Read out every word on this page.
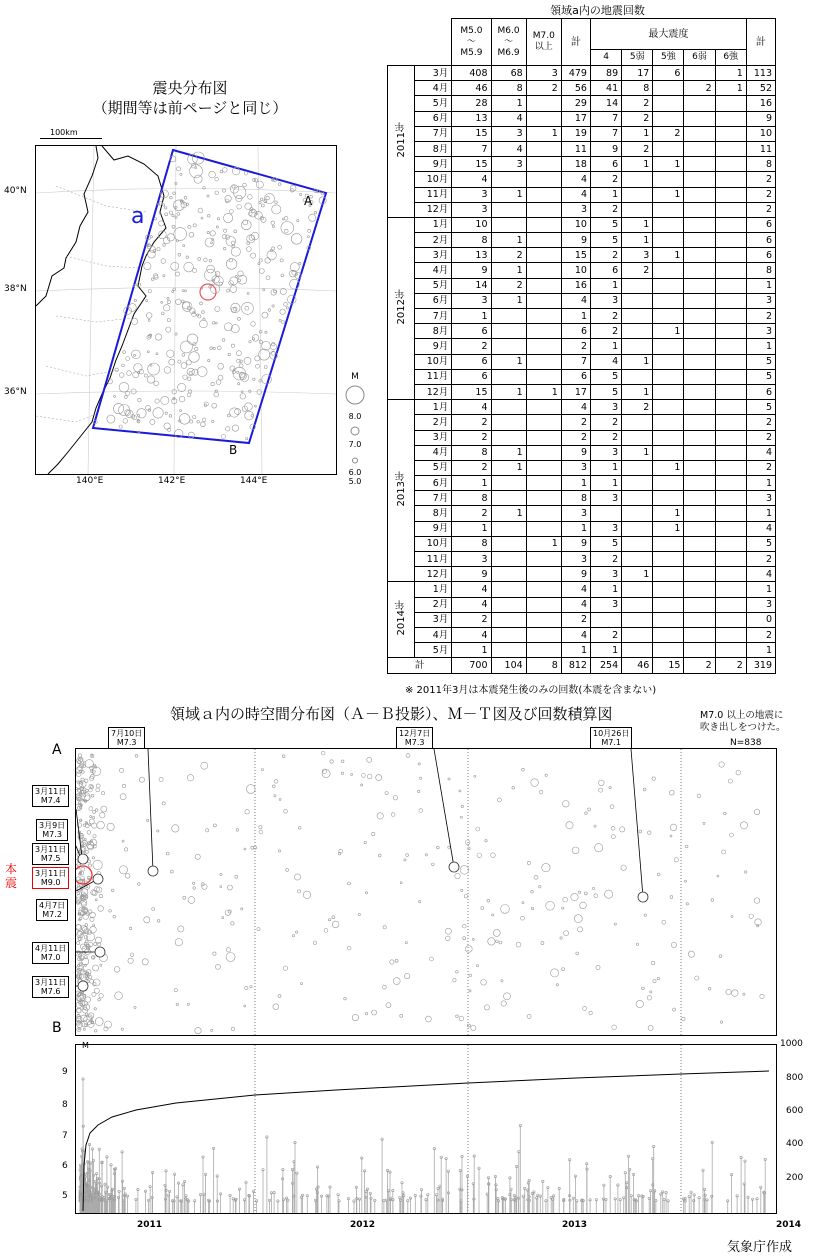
震央分布図
（期間等は前ページと同じ）
100km
a
A
B
40°N
38°N
36°N
140°E	142°E	144°E
M
8.0
7.0
6.0
5.0
領域a内の地震回数
		M5.0
～
M5.9	M6.0
～
M6.9	M7.0
以上	計	最大震度					計
						4	5弱	5強	6弱	6強	
2011年	3月	408	68	3	479	89	17	6		1	113
	4月	46	8	2	56	41	8		2	1	52
	5月	28	1		29	14	2				16
	6月	13	4		17	7	2				9
	7月	15	3	1	19	7	1	2			10
	8月	7	4		11	9	2				11
	9月	15	3		18	6	1	1			8
	10月	4			4	2					2
	11月	3	1		4	1		1			2
	12月	3			3	2					2
2012年	1月	10			10	5	1				6
	2月	8	1		9	5	1				6
	3月	13	2		15	2	3	1			6
	4月	9	1		10	6	2				8
	5月	14	2		16	1					1
	6月	3	1		4	3					3
	7月	1			1	2					2
	8月	6			6	2		1			3
	9月	2			2	1					1
	10月	6	1		7	4	1				5
	11月	6			6	5					5
	12月	15	1	1	17	5	1				6
2013年	1月	4			4	3	2				5
	2月	2			2	2					2
	3月	2			2	2					2
	4月	8	1		9	3	1				4
	5月	2	1		3	1		1			2
	6月	1			1	1					1
	7月	8			8	3					3
	8月	2	1		3			1			1
	9月	1			1	3		1			4
	10月	8		1	9	5					5
	11月	3			3	2					2
	12月	9			9	3	1				4
2014年	1月	4			4	1					1
	2月	4			4	3					3
	3月	2			2						0
	4月	4			4	2					2
	5月	1			1	1					1
計		700	104	8	812	254	46	15	2	2	319
※ 2011年3月は本震発生後のみの回数(本震を含まない)
領域ａ内の時空間分布図（Ａ－Ｂ投影）、Ｍ－Ｔ図及び回数積算図	M7.0 以上の地震に
吹き出しをつけた。
N=838
A
B
7月10日
M7.3
12月7日
M7.3
10月26日
M7.1
3月11日
M7.4
3月9日
M7.3
3月11日
M7.5
3月11日
M9.0
4月7日
M7.2
4月11日
M7.0
3月11日
M7.6
本震
M
9
8
7
6
5
1000
800
600
400
200
2011	2012	2013	2014
気象庁作成
